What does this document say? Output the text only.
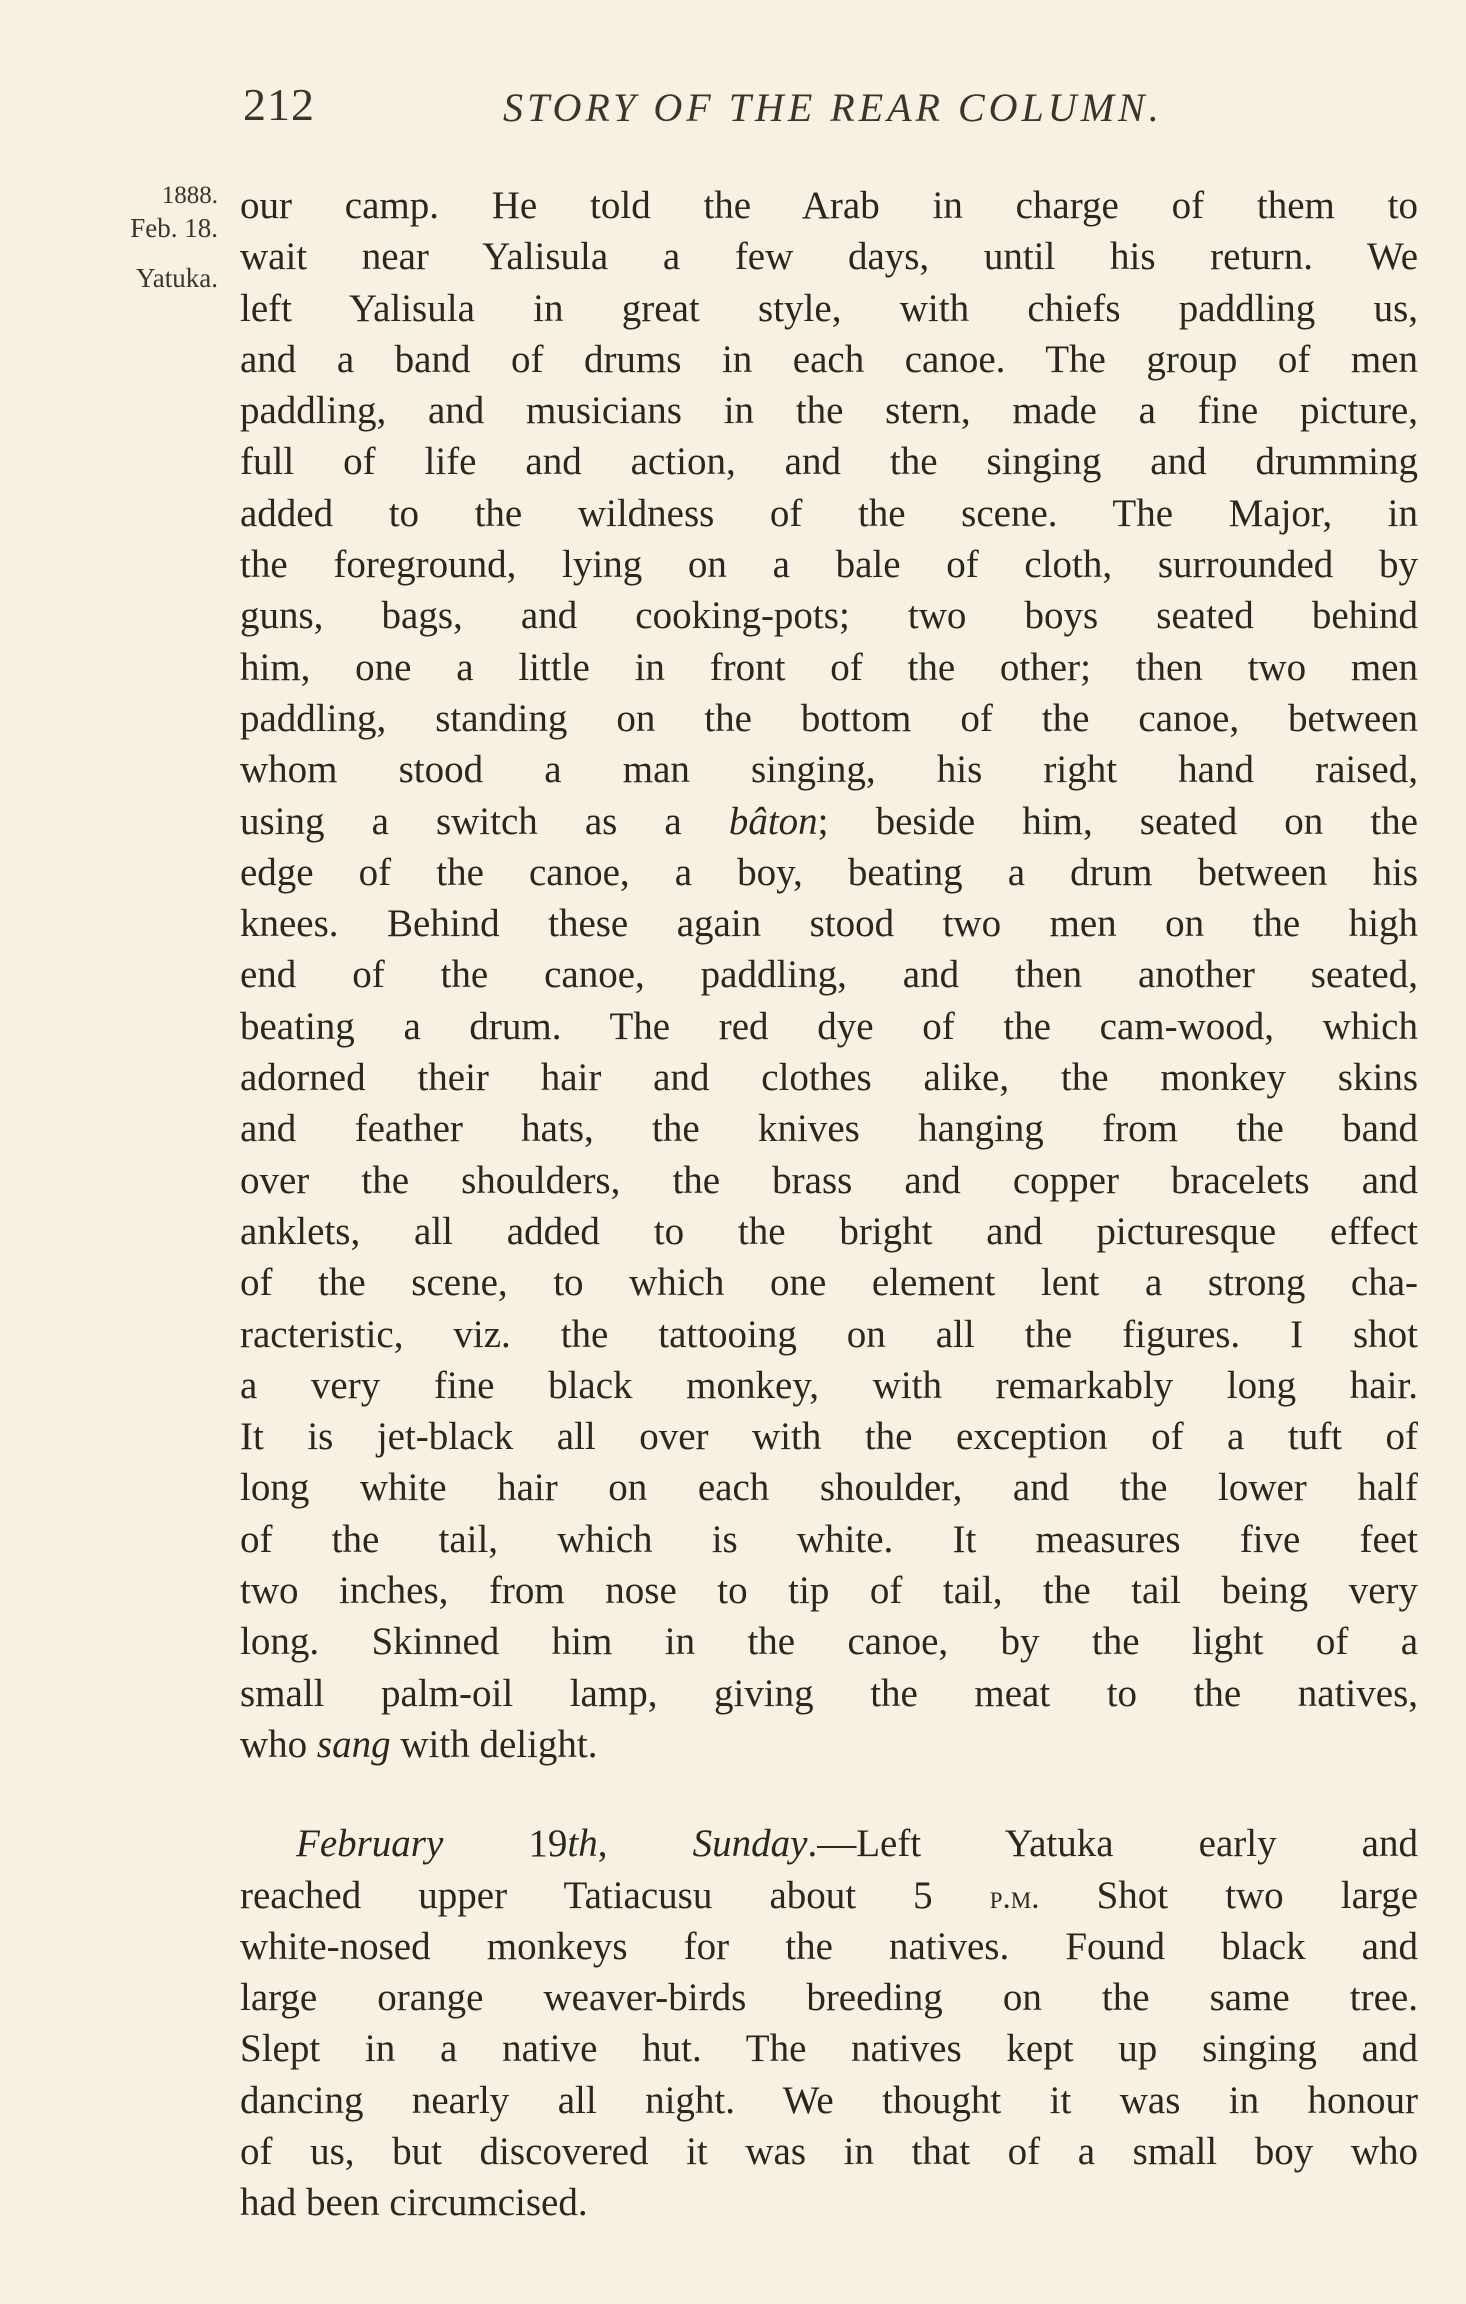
212	STORY OF THE REAR COLUMN.
1888.
Feb. 18.
Yatuka.
our camp. He told the Arab in charge of them to
wait near Yalisula a few days, until his return. We
left Yalisula in great style, with chiefs paddling us,
and a band of drums in each canoe. The group of men
paddling, and musicians in the stern, made a fine picture,
full of life and action, and the singing and drumming
added to the wildness of the scene. The Major, in
the foreground, lying on a bale of cloth, surrounded by
guns, bags, and cooking-pots; two boys seated behind
him, one a little in front of the other; then two men
paddling, standing on the bottom of the canoe, between
whom stood a man singing, his right hand raised,
using a switch as a bâton; beside him, seated on the
edge of the canoe, a boy, beating a drum between his
knees. Behind these again stood two men on the high
end of the canoe, paddling, and then another seated,
beating a drum. The red dye of the cam-wood, which
adorned their hair and clothes alike, the monkey skins
and feather hats, the knives hanging from the band
over the shoulders, the brass and copper bracelets and
anklets, all added to the bright and picturesque effect
of the scene, to which one element lent a strong cha-
racteristic, viz. the tattooing on all the figures. I shot
a very fine black monkey, with remarkably long hair.
It is jet-black all over with the exception of a tuft of
long white hair on each shoulder, and the lower half
of the tail, which is white. It measures five feet
two inches, from nose to tip of tail, the tail being very
long. Skinned him in the canoe, by the light of a
small palm-oil lamp, giving the meat to the natives,
who sang with delight.
February 19th, Sunday.—Left Yatuka early and
reached upper Tatiacusu about 5 p.m. Shot two large
white-nosed monkeys for the natives. Found black and
large orange weaver-birds breeding on the same tree.
Slept in a native hut. The natives kept up singing and
dancing nearly all night. We thought it was in honour
of us, but discovered it was in that of a small boy who
had been circumcised.
